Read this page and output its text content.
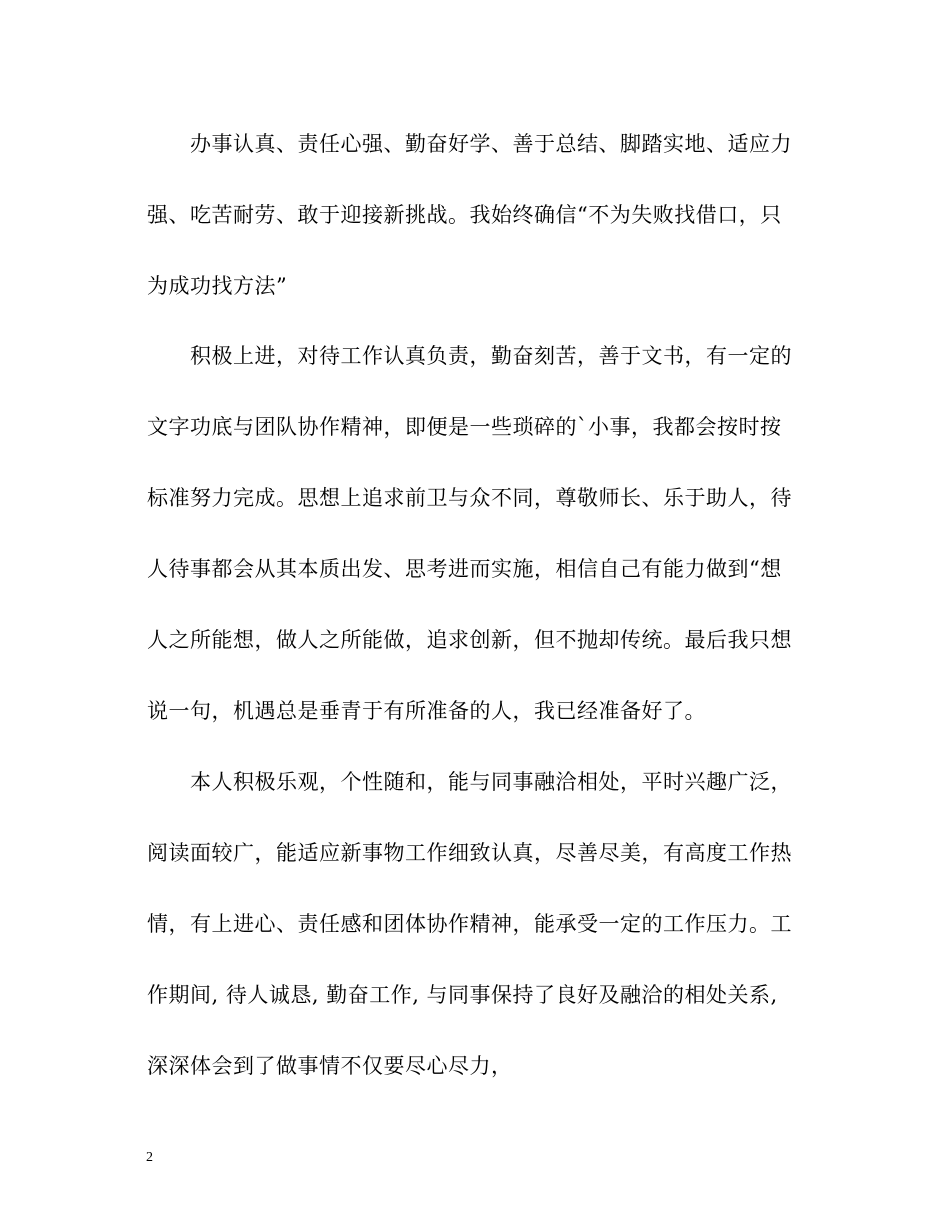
办事认真、责任心强、勤奋好学、善于总结、脚踏实地、适应力
强、吃苦耐劳、敢于迎接新挑战。我始终确信“不为失败找借口，只
为成功找方法”
积极上进，对待工作认真负责，勤奋刻苦，善于文书，有一定的
文字功底与团队协作精神，即便是一些琐碎的`小事，我都会按时按
标准努力完成。思想上追求前卫与众不同，尊敬师长、乐于助人，待
人待事都会从其本质出发、思考进而实施，相信自己有能力做到“想
人之所能想，做人之所能做，追求创新，但不抛却传统。最后我只想
说一句，机遇总是垂青于有所准备的人，我已经准备好了。
本人积极乐观，个性随和，能与同事融洽相处，平时兴趣广泛，
阅读面较广，能适应新事物工作细致认真，尽善尽美，有高度工作热
情，有上进心、责任感和团体协作精神，能承受一定的工作压力。工
作期间, 待人诚恳, 勤奋工作, 与同事保持了良好及融洽的相处关系,
深深体会到了做事情不仅要尽心尽力，
2
